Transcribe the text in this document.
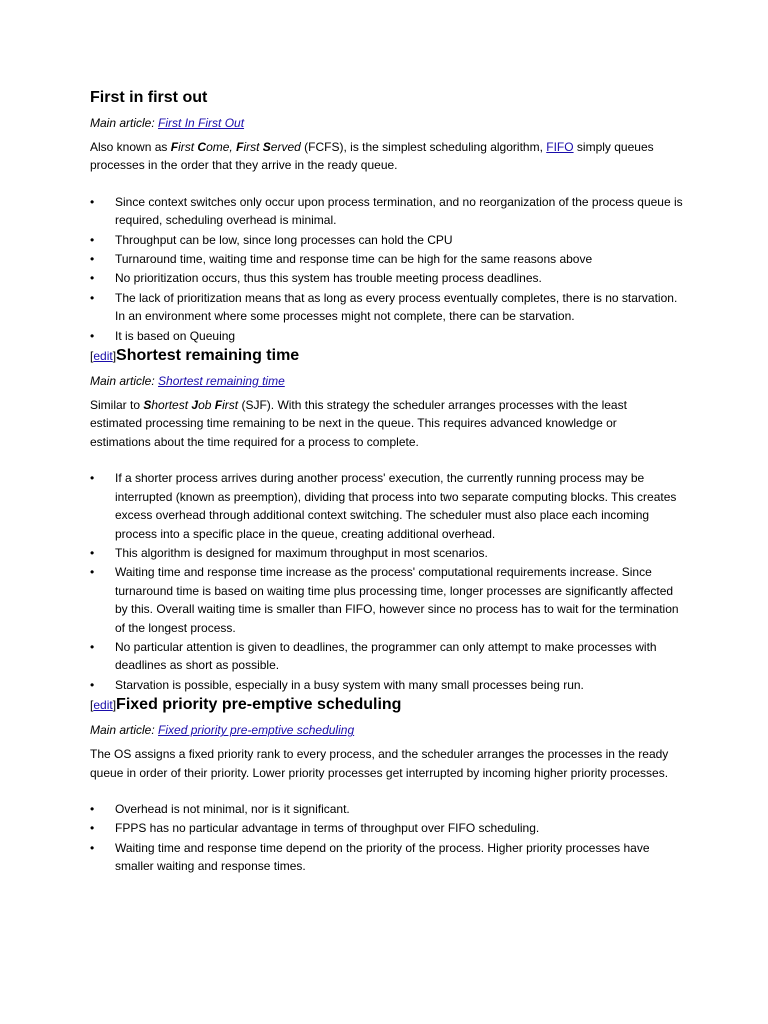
First in first out
Main article: First In First Out

Also known as First Come, First Served (FCFS), is the simplest scheduling algorithm, FIFO simply queues processes in the order that they arrive in the ready queue.

•	Since context switches only occur upon process termination, and no reorganization of the process queue is required, scheduling overhead is minimal.
•	Throughput can be low, since long processes can hold the CPU
•	Turnaround time, waiting time and response time can be high for the same reasons above
•	No prioritization occurs, thus this system has trouble meeting process deadlines.
•	The lack of prioritization means that as long as every process eventually completes, there is no starvation. In an environment where some processes might not complete, there can be starvation.
•	It is based on Queuing
[edit]Shortest remaining time
Main article: Shortest remaining time

Similar to Shortest Job First (SJF). With this strategy the scheduler arranges processes with the least estimated processing time remaining to be next in the queue. This requires advanced knowledge or estimations about the time required for a process to complete.

•	If a shorter process arrives during another process' execution, the currently running process may be interrupted (known as preemption), dividing that process into two separate computing blocks. This creates excess overhead through additional context switching. The scheduler must also place each incoming process into a specific place in the queue, creating additional overhead.
•	This algorithm is designed for maximum throughput in most scenarios.
•	Waiting time and response time increase as the process' computational requirements increase. Since turnaround time is based on waiting time plus processing time, longer processes are significantly affected by this. Overall waiting time is smaller than FIFO, however since no process has to wait for the termination of the longest process.
•	No particular attention is given to deadlines, the programmer can only attempt to make processes with deadlines as short as possible.
•	Starvation is possible, especially in a busy system with many small processes being run.
[edit]Fixed priority pre-emptive scheduling
Main article: Fixed priority pre-emptive scheduling

The OS assigns a fixed priority rank to every process, and the scheduler arranges the processes in the ready queue in order of their priority. Lower priority processes get interrupted by incoming higher priority processes.

•	Overhead is not minimal, nor is it significant.
•	FPPS has no particular advantage in terms of throughput over FIFO scheduling.
•	Waiting time and response time depend on the priority of the process. Higher priority processes have smaller waiting and response times.
